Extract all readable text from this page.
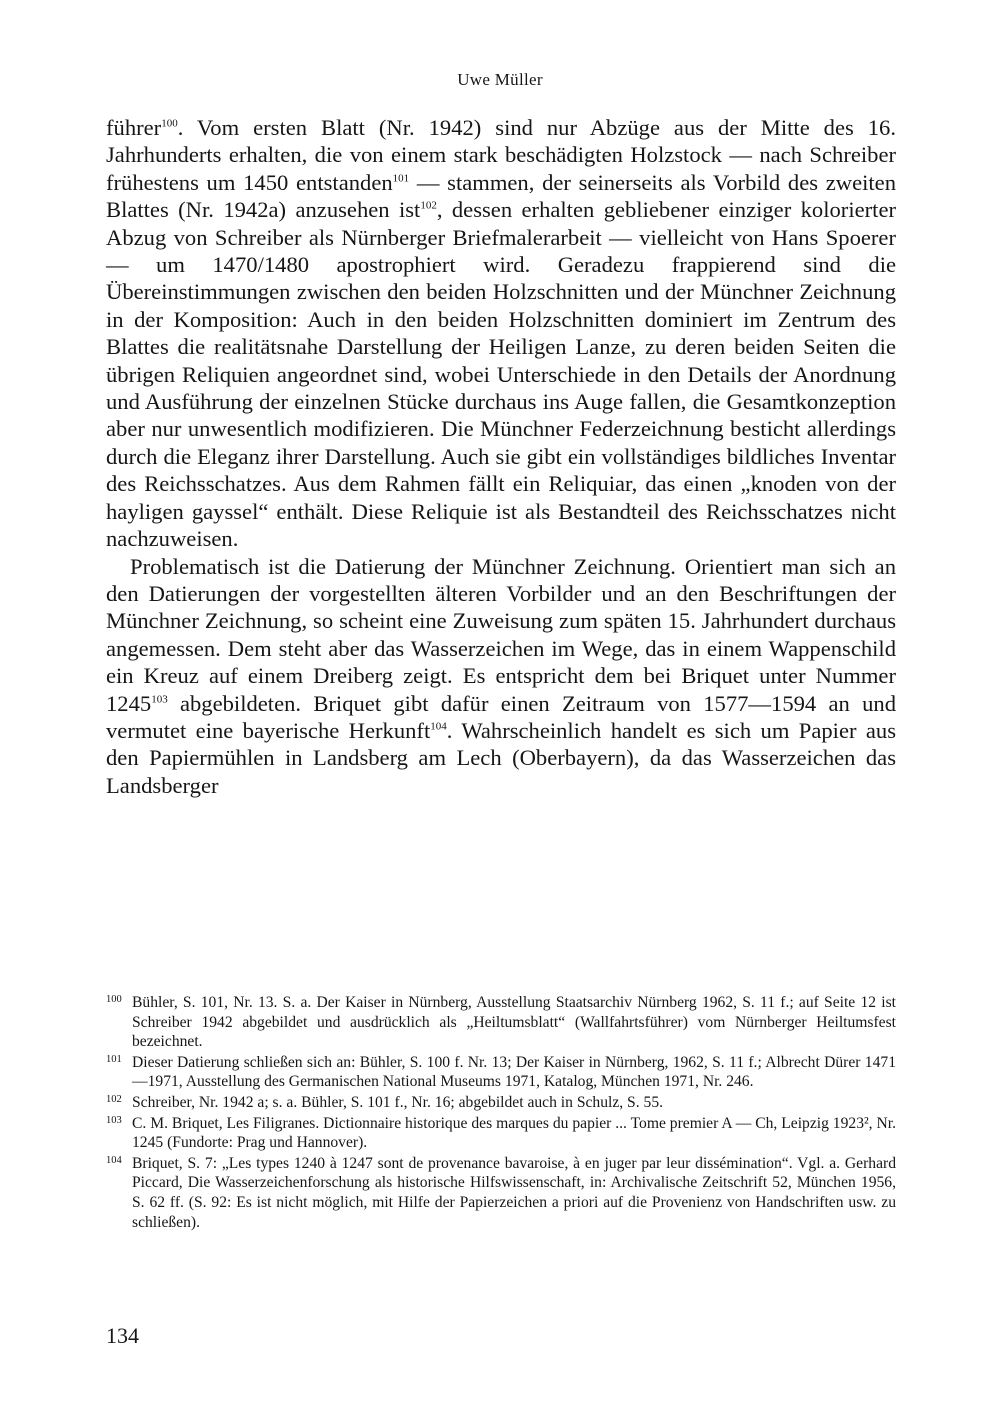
Uwe Müller

führer$^{100}$. Vom ersten Blatt (Nr. 1942) sind nur Abzüge aus der Mitte des 16. Jahrhunderts erhalten, die von einem stark beschädigten Holzstock — nach Schreiber frühestens um 1450 entstanden$^{101}$ — stammen, der seinerseits als Vorbild des zweiten Blattes (Nr. 1942a) anzusehen ist$^{102}$, dessen erhalten gebliebener einziger kolorierter Abzug von Schreiber als Nürnberger Briefmalerarbeit — vielleicht von Hans Spoerer — um 1470/1480 apostrophiert wird. Geradezu frappierend sind die Übereinstimmungen zwischen den beiden Holzschnitten und der Münchner Zeichnung in der Komposition: Auch in den beiden Holzschnitten dominiert im Zentrum des Blattes die realitätsnahe Darstellung der Heiligen Lanze, zu deren beiden Seiten die übrigen Reliquien angeordnet sind, wobei Unterschiede in den Details der Anordnung und Ausführung der einzelnen Stücke durchaus ins Auge fallen, die Gesamtkonzeption aber nur unwesentlich modifizieren. Die Münchner Federzeichnung besticht allerdings durch die Eleganz ihrer Darstellung. Auch sie gibt ein vollständiges bildliches Inventar des Reichsschatzes. Aus dem Rahmen fällt ein Reliquiar, das einen „knoden von der hayligen gayssel“ enthält. Diese Reliquie ist als Bestandteil des Reichsschatzes nicht nachzuweisen.

Problematisch ist die Datierung der Münchner Zeichnung. Orientiert man sich an den Datierungen der vorgestellten älteren Vorbilder und an den Beschriftungen der Münchner Zeichnung, so scheint eine Zuweisung zum späten 15. Jahrhundert durchaus angemessen. Dem steht aber das Wasserzeichen im Wege, das in einem Wappenschild ein Kreuz auf einem Dreiberg zeigt. Es entspricht dem bei Briquet unter Nummer 1245$^{103}$ abgebildeten. Briquet gibt dafür einen Zeitraum von 1577—1594 an und vermutet eine bayerische Herkunft$^{104}$. Wahrscheinlich handelt es sich um Papier aus den Papiermühlen in Landsberg am Lech (Oberbayern), da das Wasserzeichen das Landsberger

100 Bühler, S. 101, Nr. 13. S. a. Der Kaiser in Nürnberg, Ausstellung Staatsarchiv Nürnberg 1962, S. 11 f.; auf Seite 12 ist Schreiber 1942 abgebildet und ausdrücklich als „Heiltumsblatt“ (Wallfahrtsführer) vom Nürnberger Heiltumsfest bezeichnet.
101 Dieser Datierung schließen sich an: Bühler, S. 100 f. Nr. 13; Der Kaiser in Nürnberg, 1962, S. 11 f.; Albrecht Dürer 1471—1971, Ausstellung des Germanischen National Museums 1971, Katalog, München 1971, Nr. 246.
102 Schreiber, Nr. 1942 a; s. a. Bühler, S. 101 f., Nr. 16; abgebildet auch in Schulz, S. 55.
103 C. M. Briquet, Les Filigranes. Dictionnaire historique des marques du papier ... Tome premier A — Ch, Leipzig 1923², Nr. 1245 (Fundorte: Prag und Hannover).
104 Briquet, S. 7: „Les types 1240 à 1247 sont de provenance bavaroise, à en juger par leur dissémination“. Vgl. a. Gerhard Piccard, Die Wasserzeichenforschung als historische Hilfswissenschaft, in: Archivalische Zeitschrift 52, München 1956, S. 62 ff. (S. 92: Es ist nicht möglich, mit Hilfe der Papierzeichen a priori auf die Provenienz von Handschriften usw. zu schließen).
134
